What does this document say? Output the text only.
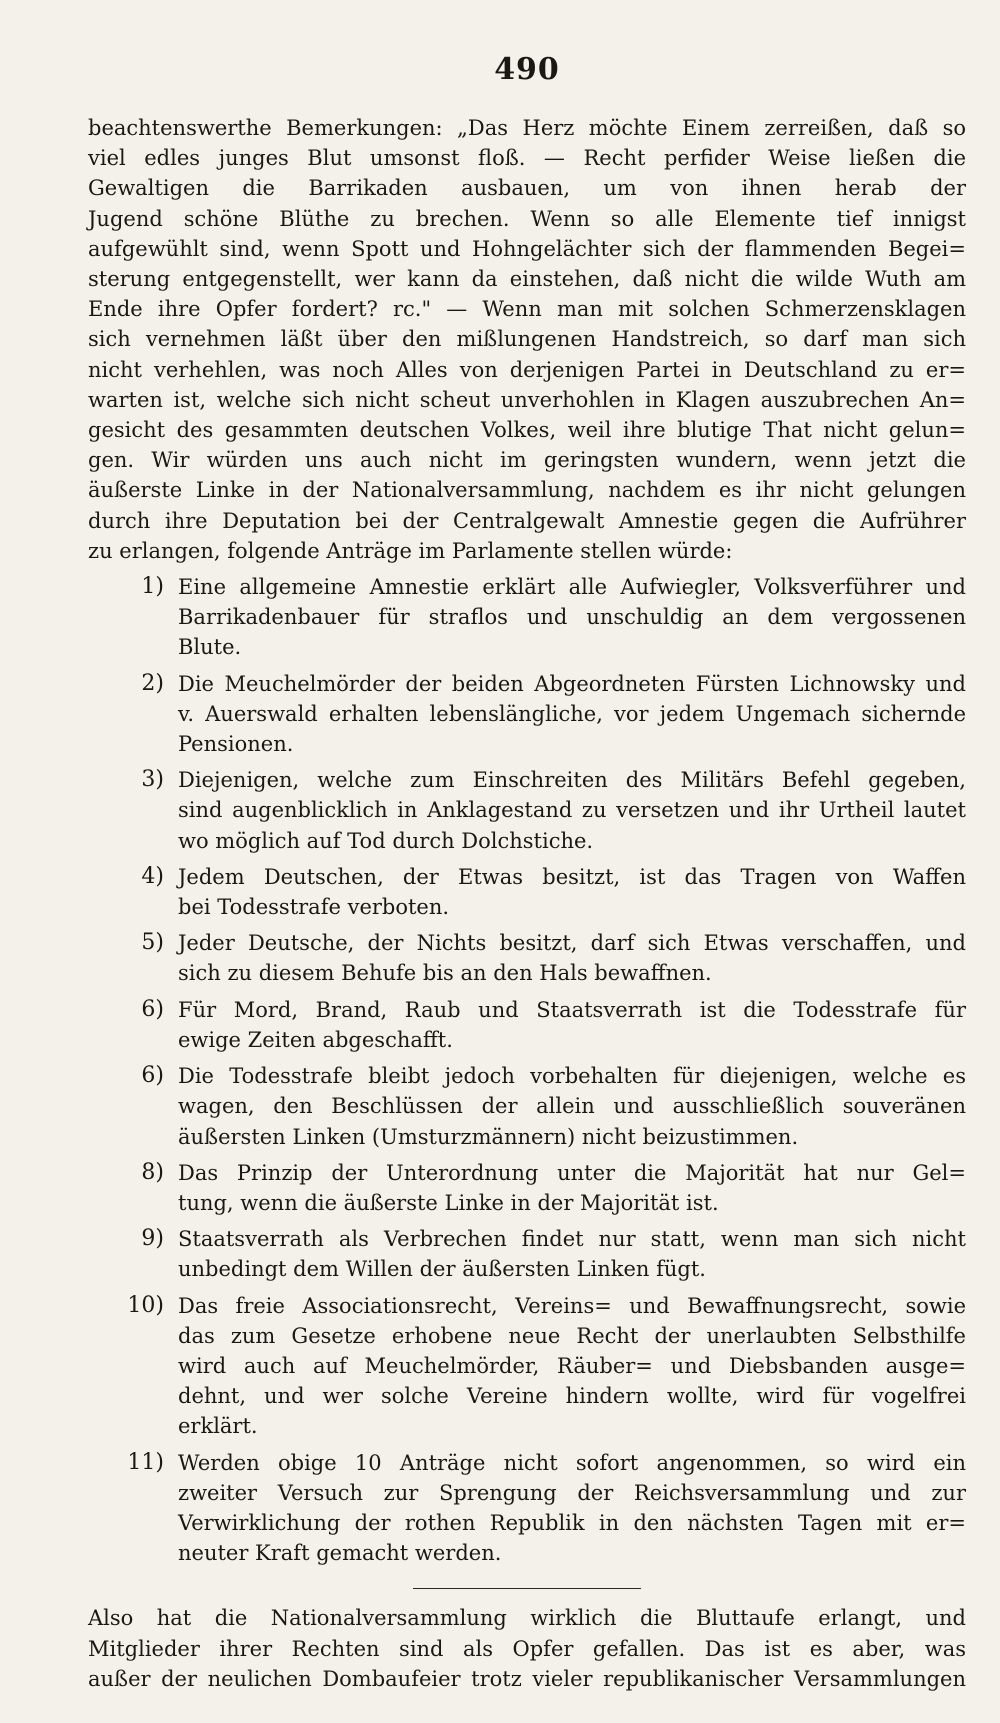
490
beachtenswerthe Bemerkungen: „Das Herz möchte Einem zerreißen, daß so
viel edles junges Blut umsonst floß. — Recht perfider Weise ließen die
Gewaltigen die Barrikaden ausbauen, um von ihnen herab der
Jugend schöne Blüthe zu brechen. Wenn so alle Elemente tief innigst
aufgewühlt sind, wenn Spott und Hohngelächter sich der flammenden Begei=
sterung entgegenstellt, wer kann da einstehen, daß nicht die wilde Wuth am
Ende ihre Opfer fordert? rc." — Wenn man mit solchen Schmerzensklagen
sich vernehmen läßt über den mißlungenen Handstreich, so darf man sich
nicht verhehlen, was noch Alles von derjenigen Partei in Deutschland zu er=
warten ist, welche sich nicht scheut unverhohlen in Klagen auszubrechen An=
gesicht des gesammten deutschen Volkes, weil ihre blutige That nicht gelun=
gen. Wir würden uns auch nicht im geringsten wundern, wenn jetzt die
äußerste Linke in der Nationalversammlung, nachdem es ihr nicht gelungen
durch ihre Deputation bei der Centralgewalt Amnestie gegen die Aufrührer
zu erlangen, folgende Anträge im Parlamente stellen würde:
1) Eine allgemeine Amnestie erklärt alle Aufwiegler, Volksverführer und
Barrikadenbauer für straflos und unschuldig an dem vergossenen
Blute.
2) Die Meuchelmörder der beiden Abgeordneten Fürsten Lichnowsky und
v. Auerswald erhalten lebenslängliche, vor jedem Ungemach sichernde
Pensionen.
3) Diejenigen, welche zum Einschreiten des Militärs Befehl gegeben,
sind augenblicklich in Anklagestand zu versetzen und ihr Urtheil lautet
wo möglich auf Tod durch Dolchstiche.
4) Jedem Deutschen, der Etwas besitzt, ist das Tragen von Waffen
bei Todesstrafe verboten.
5) Jeder Deutsche, der Nichts besitzt, darf sich Etwas verschaffen, und
sich zu diesem Behufe bis an den Hals bewaffnen.
6) Für Mord, Brand, Raub und Staatsverrath ist die Todesstrafe für
ewige Zeiten abgeschafft.
6) Die Todesstrafe bleibt jedoch vorbehalten für diejenigen, welche es
wagen, den Beschlüssen der allein und ausschließlich souveränen
äußersten Linken (Umsturzmännern) nicht beizustimmen.
8) Das Prinzip der Unterordnung unter die Majorität hat nur Gel=
tung, wenn die äußerste Linke in der Majorität ist.
9) Staatsverrath als Verbrechen findet nur statt, wenn man sich nicht
unbedingt dem Willen der äußersten Linken fügt.
10) Das freie Associationsrecht, Vereins= und Bewaffnungsrecht, sowie
das zum Gesetze erhobene neue Recht der unerlaubten Selbsthilfe
wird auch auf Meuchelmörder, Räuber= und Diebsbanden ausge=
dehnt, und wer solche Vereine hindern wollte, wird für vogelfrei
erklärt.
11) Werden obige 10 Anträge nicht sofort angenommen, so wird ein
zweiter Versuch zur Sprengung der Reichsversammlung und zur
Verwirklichung der rothen Republik in den nächsten Tagen mit er=
neuter Kraft gemacht werden.
Also hat die Nationalversammlung wirklich die Bluttaufe erlangt, und
Mitglieder ihrer Rechten sind als Opfer gefallen. Das ist es aber, was
außer der neulichen Dombaufeier trotz vieler republikanischer Versammlungen
